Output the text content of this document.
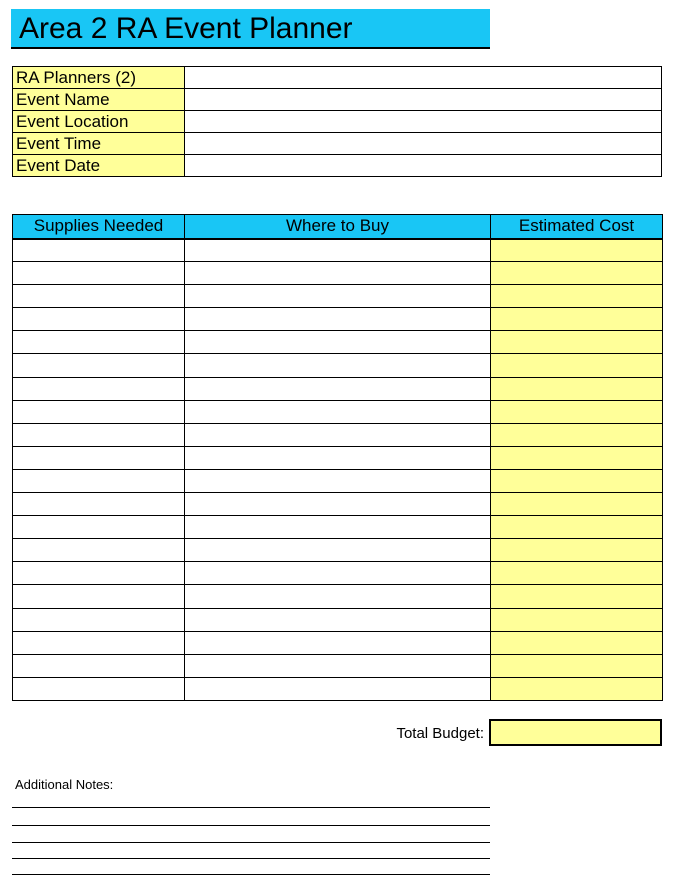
Area 2 RA Event Planner
RA Planners (2)	
Event Name	
Event Location	
Event Time	
Event Date	
Supplies Needed	Where to Buy	Estimated Cost

Total Budget:
Additional Notes:
